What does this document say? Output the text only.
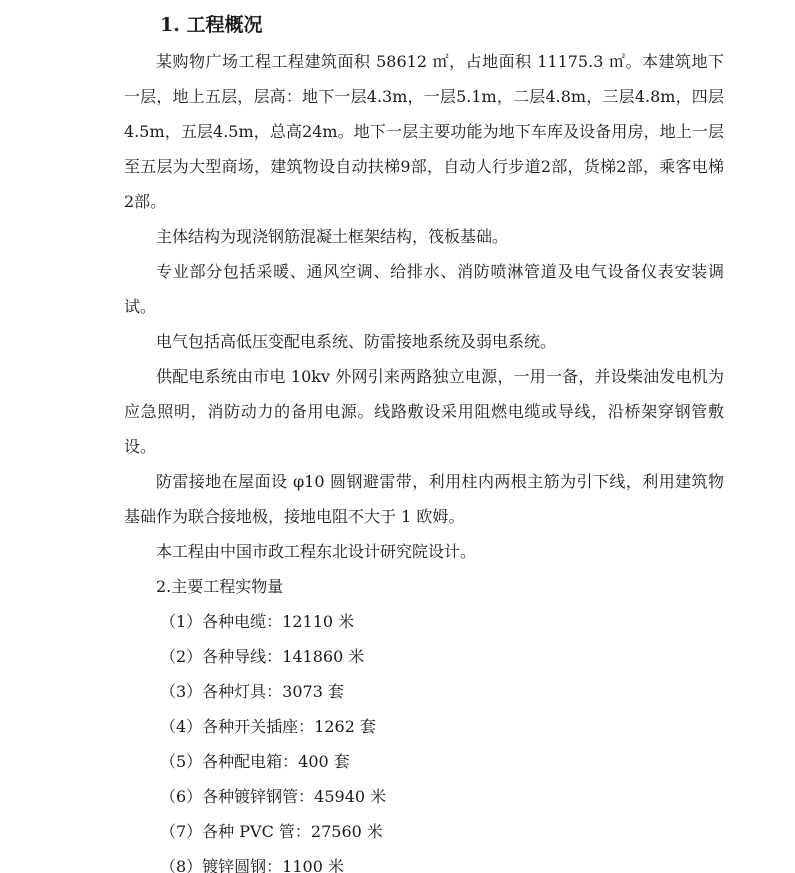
1. 工程概况

某购物广场工程工程建筑面积 58612 ㎡，占地面积 11175.3 ㎡。本建筑地下一层，地上五层，层高：地下一层4.3m，一层5.1m，二层4.8m，三层4.8m，四层4.5m，五层4.5m，总高24m。地下一层主要功能为地下车库及设备用房，地上一层至五层为大型商场，建筑物设自动扶梯9部，自动人行步道2部，货梯2部，乘客电梯2部。

主体结构为现浇钢筋混凝土框架结构，筏板基础。

专业部分包括采暖、通风空调、给排水、消防喷淋管道及电气设备仪表安装调试。

电气包括高低压变配电系统、防雷接地系统及弱电系统。

供配电系统由市电 10kv 外网引来两路独立电源，一用一备，并设柴油发电机为应急照明，消防动力的备用电源。线路敷设采用阻燃电缆或导线，沿桥架穿钢管敷设。

防雷接地在屋面设 φ10 圆钢避雷带，利用柱内两根主筋为引下线，利用建筑物基础作为联合接地极，接地电阻不大于 1 欧姆。

本工程由中国市政工程东北设计研究院设计。

2.主要工程实物量

（1）各种电缆：12110 米
（2）各种导线：141860 米
（3）各种灯具：3073 套
（4）各种开关插座：1262 套
（5）各种配电箱：400 套
（6）各种镀锌钢管：45940 米
（7）各种 PVC 管：27560 米
（8）镀锌圆钢：1100 米
